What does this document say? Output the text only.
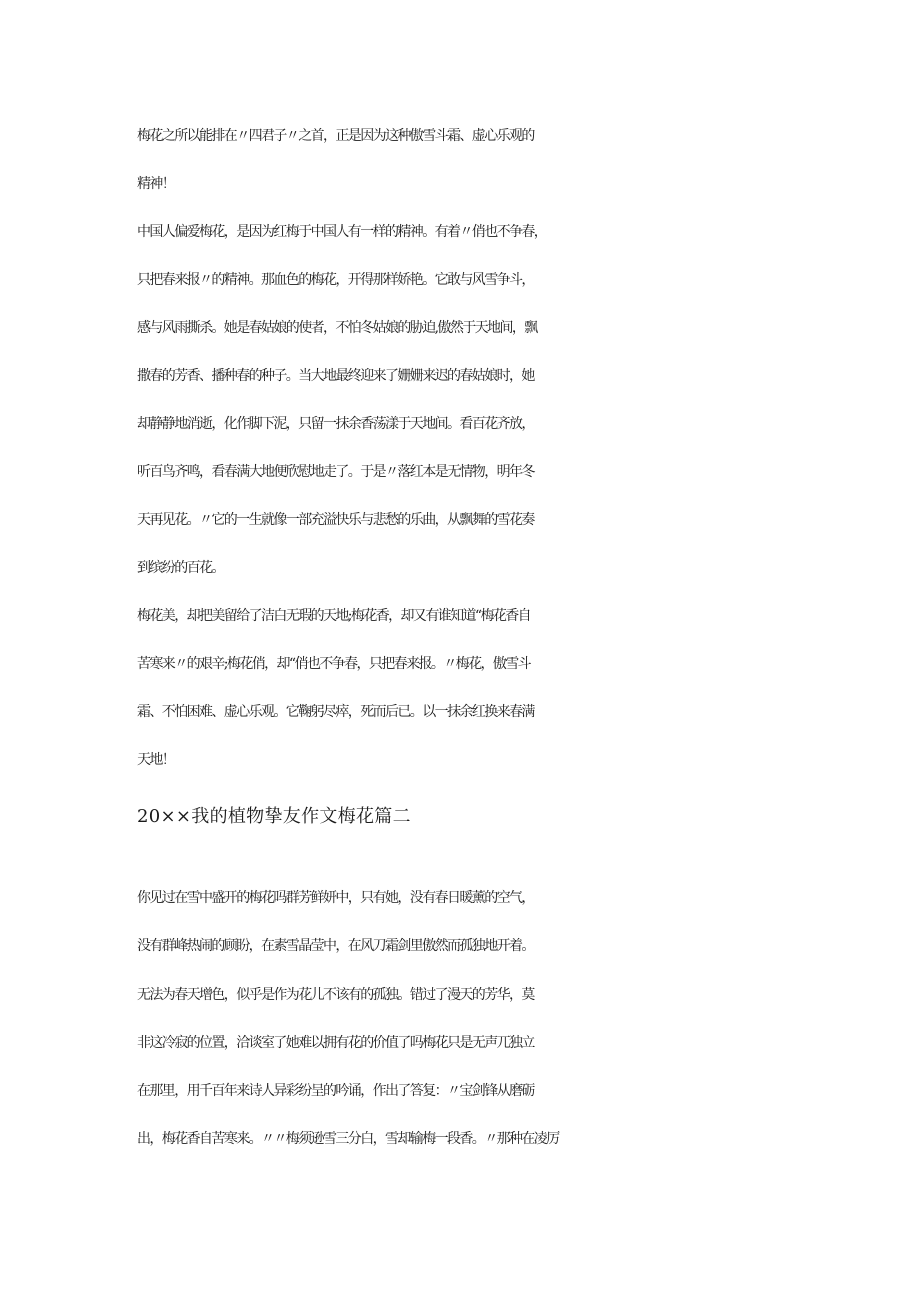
梅花之所以能排在〃四君子〃之首，正是因为这种傲雪斗霜、虚心乐观的
精神！
中国人偏爱梅花，是因为红梅于中国人有一样的精神。有着〃俏也不争春，
只把春来报〃的精神。那血色的梅花，开得那样娇艳。它敢与风雪争斗，
感与风雨撕杀。她是春姑娘的使者，不怕冬姑娘的胁迫,傲然于天地间，飘
撒春的芳香、播种春的种子。当大地最终迎来了姗姗来迟的春姑娘时，她
却静静地消逝，化作脚下泥，只留一抹余香荡漾于天地间。看百花齐放，
听百鸟齐鸣，看春满大地便欣慰地走了。于是〃落红本是无情物，明年冬
天再见花。〃它的一生就像一部充溢快乐与悲愁的乐曲，从飘舞的雪花奏
到缤纷的百花。
梅花美，却把美留给了洁白无瑕的天地;梅花香，却又有谁知道“梅花香自
苦寒来〃的艰辛;梅花俏，却“俏也不争春，只把春来报。〃梅花，傲雪斗
霜、不怕困难、虚心乐观。它鞠躬尽瘁，死而后已。以一抹余红换来春满
天地！
20××我的植物挚友作文梅花篇二
你见过在雪中盛开的梅花吗群芳鲜妍中，只有她，没有春日暖薰的空气，
没有群峰热闹的顾盼，在素雪晶莹中，在风刀霜剑里傲然而孤独地开着。
无法为春天增色，似乎是作为花儿不该有的孤独。错过了漫天的芳华，莫
非这冷寂的位置，洽谈室了她难以拥有花的价值了吗梅花只是无声兀独立
在那里，用千百年来诗人异彩纷呈的吟诵，作出了答复：〃宝剑锋从磨砺
出，梅花香自苦寒来。〃〃梅须逊雪三分白，雪却输梅一段香。〃那种在凌厉
